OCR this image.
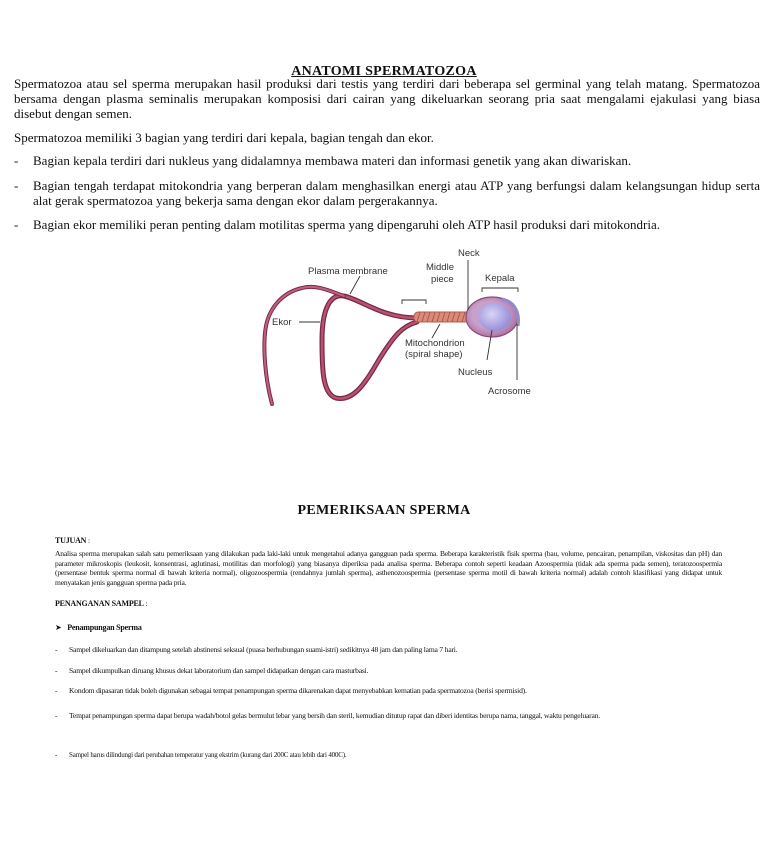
ANATOMI SPERMATOZOA
Spermatozoa atau sel sperma merupakan hasil produksi dari testis yang terdiri dari beberapa sel germinal yang telah matang. Spermatozoa bersama dengan plasma seminalis merupakan komposisi dari cairan yang dikeluarkan seorang pria saat mengalami ejakulasi yang biasa disebut dengan semen.
Spermatozoa memiliki 3 bagian yang terdiri dari kepala, bagian tengah dan ekor.
- Bagian kepala terdiri dari nukleus yang didalamnya membawa materi dan informasi genetik yang akan diwariskan.
- Bagian tengah terdapat mitokondria yang berperan dalam menghasilkan energi atau ATP yang berfungsi dalam kelangsungan hidup serta alat gerak spermatozoa yang bekerja sama dengan ekor dalam pergerakannya.
- Bagian ekor memiliki peran penting dalam motilitas sperma yang dipengaruhi oleh ATP hasil produksi dari mitokondria.
Neck
Plasma membrane	Middle
piece	Kepala
Ekor
Mitochondrion
(spiral shape)
Nucleus
Acrosome
PEMERIKSAAN SPERMA
TUJUAN :
Analisa sperma merupakan salah satu pemeriksaan yang dilakukan pada laki-laki untuk mengetahui adanya gangguan pada sperma. Beberapa karakteristik fisik sperma (bau, volume, pencairan, penampilan, viskositas dan pH) dan parameter mikroskopis (leukosit, konsentrasi, aglutinasi, motilitas dan morfologi) yang biasanya diperiksa pada analisa sperma. Beberapa contoh seperti keadaan Azoospermia (tidak ada sperma pada semen), teratozoospermia (persentase bentuk sperma normal di bawah kriteria normal), oligozoospermia (rendahnya jumlah sperma), asthenozoospermia (persentase sperma motil di bawah kriteria normal) adalah contoh klasifikasi yang didapat untuk menyatakan jenis gangguan sperma pada pria.
PENANGANAN SAMPEL :
➤ Penampungan Sperma
- Sampel dikeluarkan dan ditampung setelah abstinensi seksual (puasa berhubungan suami-istri) sedikitnya 48 jam dan paling lama 7 hari.
- Sampel dikumpulkan diruang khusus dekat laboratorium dan sampel didapatkan dengan cara masturbasi.
- Kondom dipasaran tidak boleh digunakan sebagai tempat penampungan sperma dikarenakan dapat menyebabkan kematian pada spermatozoa (berisi spermisid).
- Tempat penampungan sperma dapat berupa wadah/botol gelas bermulut lebar yang bersih dan steril, kemudian ditutup rapat dan diberi identitas berupa nama, tanggal, waktu pengeluaran.
- Sampel harus dilindungi dari perubahan temperatur yang ekstrim (kurang dari 200C atau lebih dari 400C).
